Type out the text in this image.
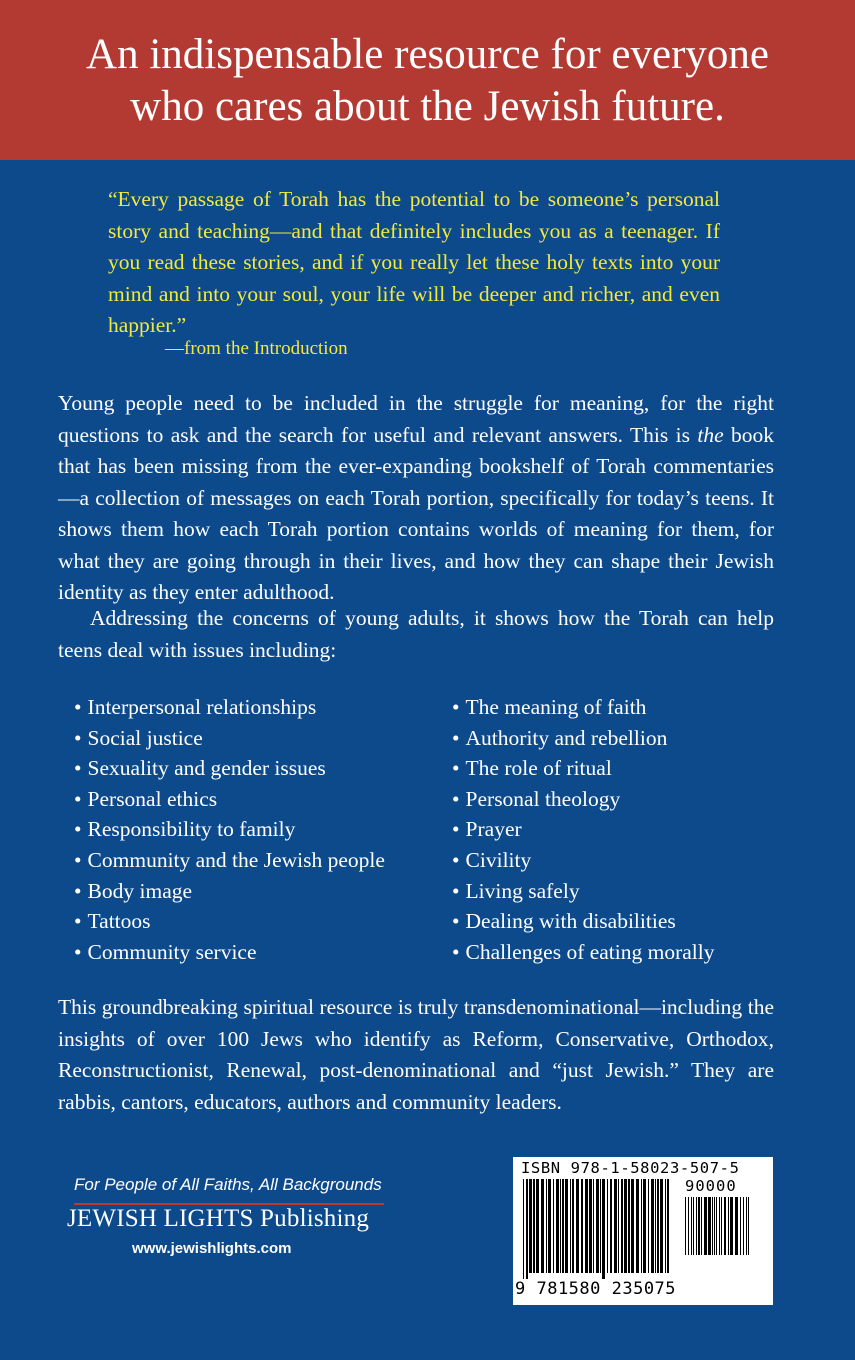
An indispensable resource for everyone
who cares about the Jewish future.
“Every passage of Torah has the potential to be someone’s personal story and teaching—and that definitely includes you as a teenager. If you read these stories, and if you really let these holy texts into your mind and into your soul, your life will be deeper and richer, and even happier.”
—from the Introduction
Young people need to be included in the struggle for meaning, for the right questions to ask and the search for useful and relevant answers. This is the book that has been missing from the ever-expanding bookshelf of Torah commentaries—a collection of messages on each Torah portion, specifically for today’s teens. It shows them how each Torah portion contains worlds of meaning for them, for what they are going through in their lives, and how they can shape their Jewish identity as they enter adulthood.
Addressing the concerns of young adults, it shows how the Torah can help teens deal with issues including:
• Interpersonal relationships
• Social justice
• Sexuality and gender issues
• Personal ethics
• Responsibility to family
• Community and the Jewish people
• Body image
• Tattoos
• Community service
• The meaning of faith
• Authority and rebellion
• The role of ritual
• Personal theology
• Prayer
• Civility
• Living safely
• Dealing with disabilities
• Challenges of eating morally
This groundbreaking spiritual resource is truly transdenominational—including the insights of over 100 Jews who identify as Reform, Conservative, Orthodox, Reconstructionist, Renewal, post-denominational and “just Jewish.” They are rabbis, cantors, educators, authors and community leaders.
For People of All Faiths, All Backgrounds
JEWISH LIGHTS Publishing
www.jewishlights.com
ISBN 978-1-58023-507-5
90000
9 781580 235075
